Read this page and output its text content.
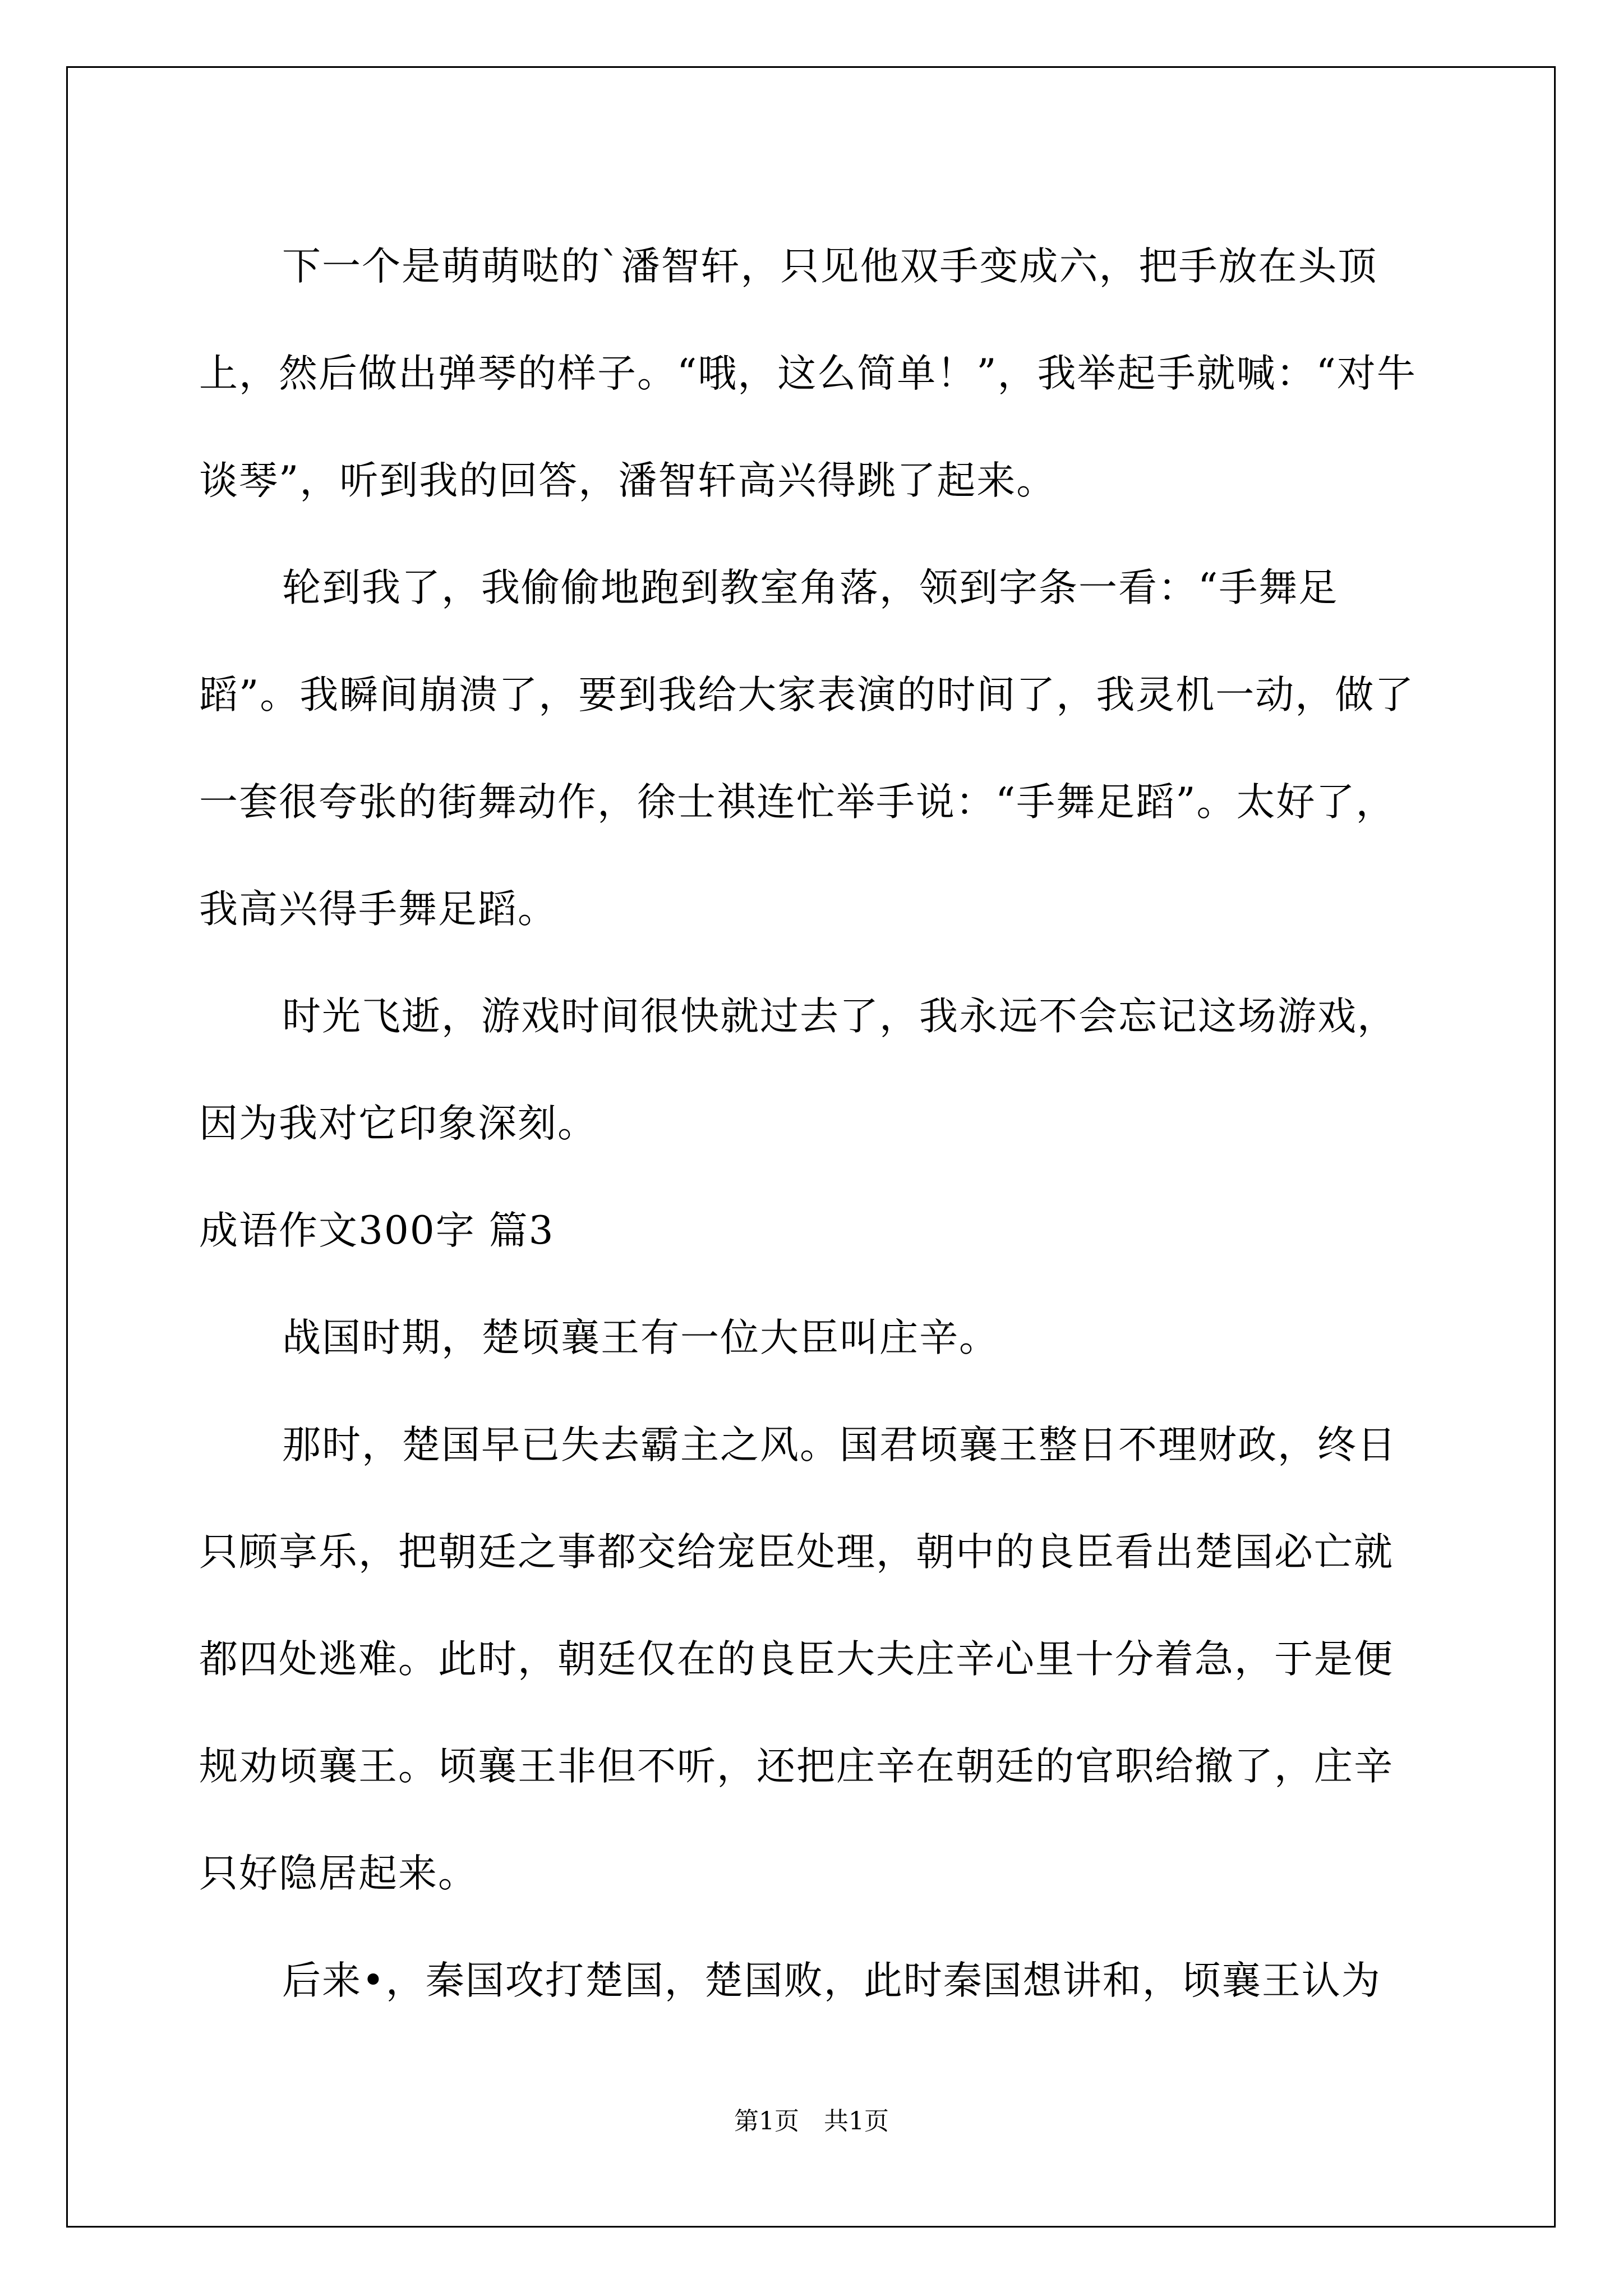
下一个是萌萌哒的`潘智轩，只见他双手变成六，把手放在头顶上，然后做出弹琴的样子。“哦，这么简单！”，我举起手就喊：“对牛谈琴”，听到我的回答，潘智轩高兴得跳了起来。

轮到我了，我偷偷地跑到教室角落，领到字条一看：“手舞足蹈”。我瞬间崩溃了，要到我给大家表演的时间了，我灵机一动，做了一套很夸张的街舞动作，徐士祺连忙举手说：“手舞足蹈”。太好了，我高兴得手舞足蹈。

时光飞逝，游戏时间很快就过去了，我永远不会忘记这场游戏，因为我对它印象深刻。

成语作文300字 篇3

战国时期，楚顷襄王有一位大臣叫庄辛。

那时，楚国早已失去霸主之风。国君顷襄王整日不理财政，终日只顾享乐，把朝廷之事都交给宠臣处理，朝中的良臣看出楚国必亡就都四处逃难。此时，朝廷仅在的良臣大夫庄辛心里十分着急，于是便规劝顷襄王。顷襄王非但不听，还把庄辛在朝廷的官职给撤了，庄辛只好隐居起来。

后来•，秦国攻打楚国，楚国败，此时秦国想讲和，顷襄王认为

第1页　共1页
